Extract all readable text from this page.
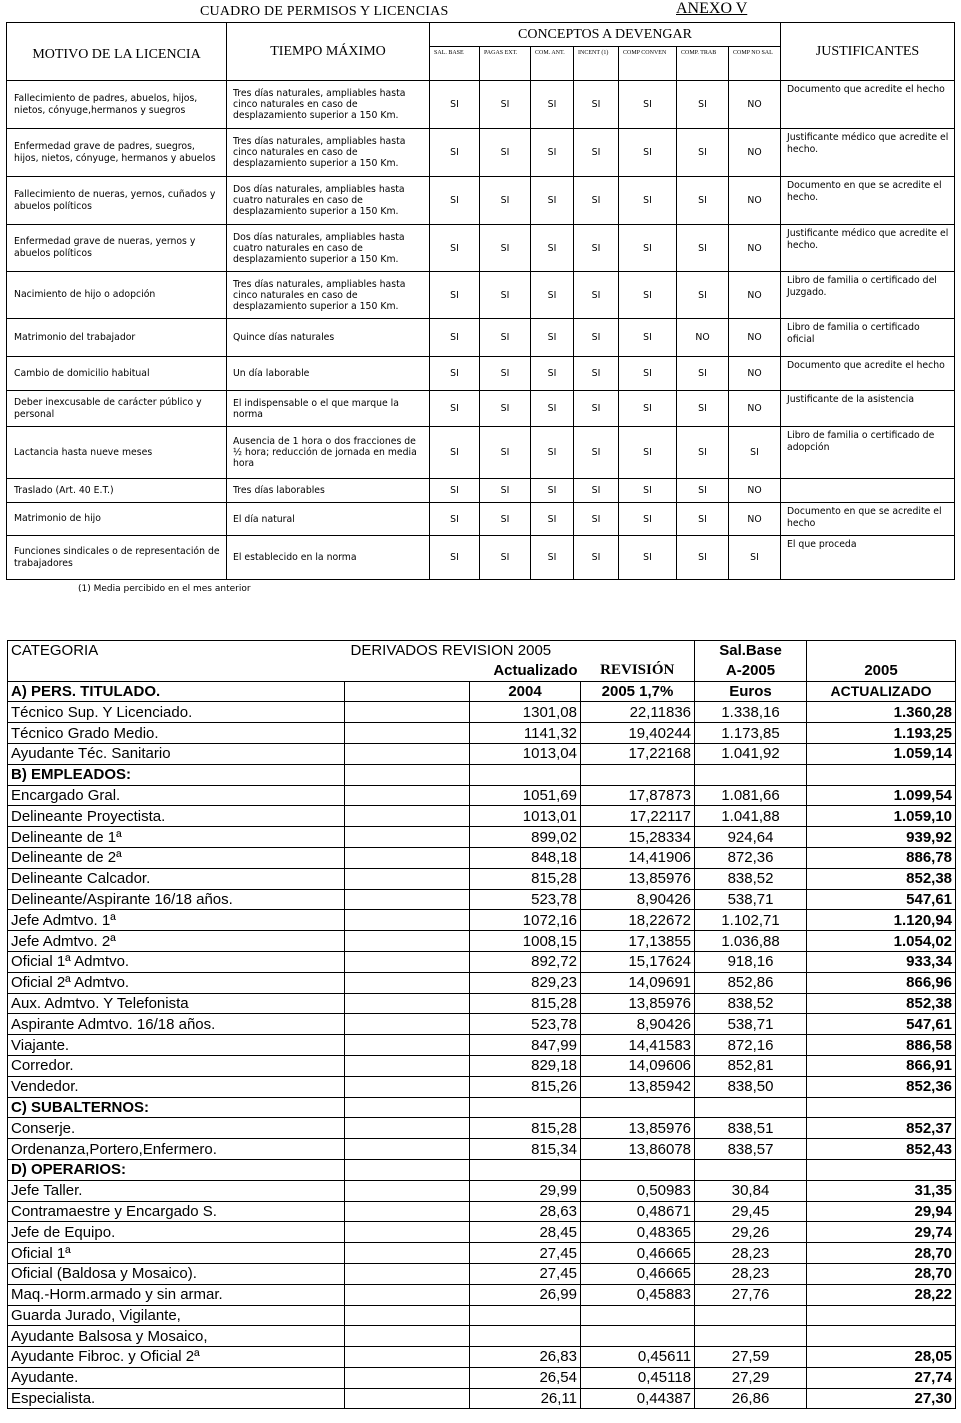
CUADRO DE PERMISOS Y LICENCIAS	ANEXO V
MOTIVO DE LA LICENCIA	TIEMPO MÁXIMO	CONCEPTOS A DEVENGAR							JUSTIFICANTES
		SAL. BASE	PAGAS EXT.	COM. ANT.	INCENT (1)	COMP CONVEN	COMP. TRAB	COMP NO SAL	
Fallecimiento de padres, abuelos, hijos, nietos, cónyuge,hermanos y suegros	Tres días naturales, ampliables hasta cinco naturales en caso de desplazamiento superior a 150 Km.	SI	SI	SI	SI	SI	SI	NO	Documento que acredite el hecho
Enfermedad grave de padres, suegros, hijos, nietos, cónyuge, hermanos y abuelos	Tres días naturales, ampliables hasta cinco naturales en caso de desplazamiento superior a 150 Km.	SI	SI	SI	SI	SI	SI	NO	Justificante médico que acredite el hecho.
Fallecimiento de nueras, yernos, cuñados y abuelos políticos	Dos días naturales, ampliables hasta cuatro naturales en caso de desplazamiento superior a 150 Km.	SI	SI	SI	SI	SI	SI	NO	Documento en que se acredite el hecho.
Enfermedad grave de nueras, yernos y abuelos políticos	Dos días naturales, ampliables hasta cuatro naturales en caso de desplazamiento superior a 150 Km.	SI	SI	SI	SI	SI	SI	NO	Justificante médico que acredite el hecho.
Nacimiento de hijo o adopción	Tres días naturales, ampliables hasta cinco naturales en caso de desplazamiento superior a 150 Km.	SI	SI	SI	SI	SI	SI	NO	Libro de familia o certificado del Juzgado.
Matrimonio del trabajador	Quince días naturales	SI	SI	SI	SI	SI	NO	NO	Libro de familia o certificado oficial
Cambio de domicilio habitual	Un día laborable	SI	SI	SI	SI	SI	SI	NO	Documento que acredite el hecho
Deber inexcusable de carácter público y personal	El indispensable o el que marque la norma	SI	SI	SI	SI	SI	SI	NO	Justificante de la asistencia
Lactancia hasta nueve meses	Ausencia de 1 hora o dos fracciones de ½ hora; reducción de jornada en media hora	SI	SI	SI	SI	SI	SI	SI	Libro de familia o certificado de adopción
Traslado (Art. 40 E.T.)	Tres días laborables	SI	SI	SI	SI	SI	SI	NO	
Matrimonio de hijo	El día natural	SI	SI	SI	SI	SI	SI	NO	Documento en que se acredite el hecho
Funciones sindicales o de representación de trabajadores	El establecido en la norma	SI	SI	SI	SI	SI	SI	SI	El que proceda
(1) Media percibido en el mes anterior
CATEGORIA	DERIVADOS REVISION 2005			Sal.Base	
	Actualizado		REVISIÓN	A-2005	2005
A) PERS. TITULADO.		2004	2005 1,7%	Euros	ACTUALIZADO
Técnico Sup. Y Licenciado.		1301,08	22,11836	1.338,16	1.360,28
Técnico Grado Medio.		1141,32	19,40244	1.173,85	1.193,25
Ayudante Téc. Sanitario		1013,04	17,22168	1.041,92	1.059,14
B) EMPLEADOS:					
Encargado Gral.		1051,69	17,87873	1.081,66	1.099,54
Delineante Proyectista.		1013,01	17,22117	1.041,88	1.059,10
Delineante de 1ª		899,02	15,28334	924,64	939,92
Delineante de 2ª		848,18	14,41906	872,36	886,78
Delineante Calcador.		815,28	13,85976	838,52	852,38
Delineante/Aspirante 16/18 años.		523,78	8,90426	538,71	547,61
Jefe Admtvo. 1ª		1072,16	18,22672	1.102,71	1.120,94
Jefe Admtvo. 2ª		1008,15	17,13855	1.036,88	1.054,02
Oficial 1ª Admtvo.		892,72	15,17624	918,16	933,34
Oficial 2ª Admtvo.		829,23	14,09691	852,86	866,96
Aux. Admtvo. Y Telefonista		815,28	13,85976	838,52	852,38
Aspirante Admtvo. 16/18 años.		523,78	8,90426	538,71	547,61
Viajante.		847,99	14,41583	872,16	886,58
Corredor.		829,18	14,09606	852,81	866,91
Vendedor.		815,26	13,85942	838,50	852,36
C) SUBALTERNOS:					
Conserje.		815,28	13,85976	838,51	852,37
Ordenanza,Portero,Enfermero.		815,34	13,86078	838,57	852,43
D) OPERARIOS:					
Jefe Taller.		29,99	0,50983	30,84	31,35
Contramaestre y Encargado S.		28,63	0,48671	29,45	29,94
Jefe de Equipo.		28,45	0,48365	29,26	29,74
Oficial 1ª		27,45	0,46665	28,23	28,70
Oficial (Baldosa y Mosaico).		27,45	0,46665	28,23	28,70
Maq.-Horm.armado y sin armar.		26,99	0,45883	27,76	28,22
Guarda Jurado, Vigilante,					
Ayudante Balsosa y Mosaico,					
Ayudante Fibroc. y Oficial 2ª		26,83	0,45611	27,59	28,05
Ayudante.		26,54	0,45118	27,29	27,74
Especialista.		26,11	0,44387	26,86	27,30
